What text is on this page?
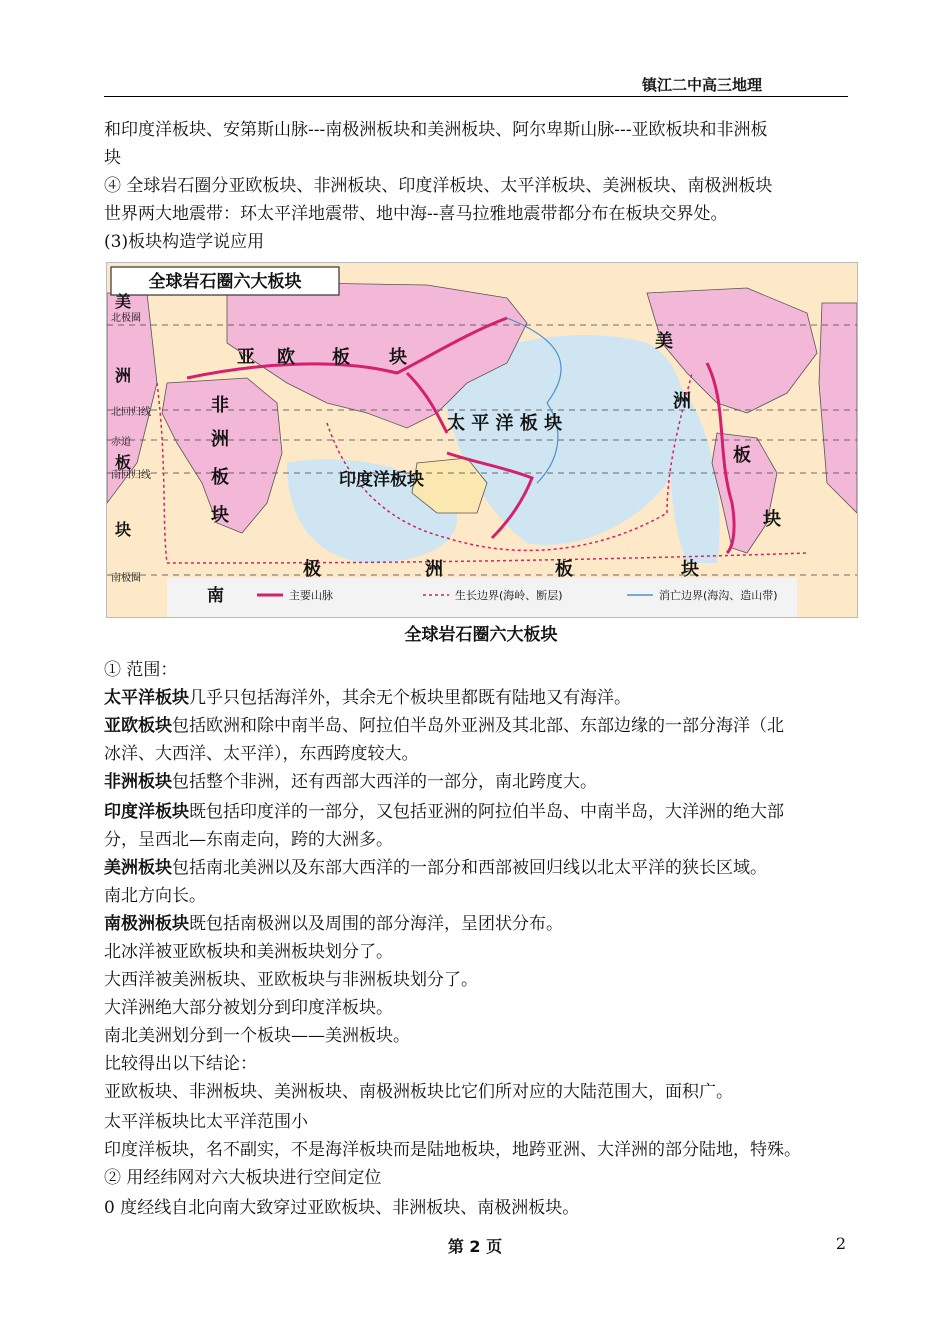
镇江二中高三地理
和印度洋板块、安第斯山脉---南极洲板块和美洲板块、阿尔卑斯山脉---亚欧板块和非洲板
块
④ 全球岩石圈分亚欧板块、非洲板块、印度洋板块、太平洋板块、美洲板块、南极洲板块
世界两大地震带：环太平洋地震带、地中海--喜马拉雅地震带都分布在板块交界处。
(3)板块构造学说应用
全球岩石圈六大板块
亚 欧 板 块
非
洲
板
块
太 平 洋 板 块
印度洋板块
美
洲
板
块
极	洲	板	块
美
洲
板
块
南
北极圈
北回归线
赤道
南回归线
南极圈
主要山脉	生长边界(海岭、断层)	消亡边界(海沟、造山带)
全球岩石圈六大板块
① 范围：
太平洋板块几乎只包括海洋外，其余无个板块里都既有陆地又有海洋。
亚欧板块包括欧洲和除中南半岛、阿拉伯半岛外亚洲及其北部、东部边缘的一部分海洋（北
冰洋、大西洋、太平洋），东西跨度较大。
非洲板块包括整个非洲，还有西部大西洋的一部分，南北跨度大。
印度洋板块既包括印度洋的一部分，又包括亚洲的阿拉伯半岛、中南半岛，大洋洲的绝大部
分，呈西北—东南走向，跨的大洲多。
美洲板块包括南北美洲以及东部大西洋的一部分和西部被回归线以北太平洋的狭长区域。
南北方向长。
南极洲板块既包括南极洲以及周围的部分海洋，呈团状分布。
北冰洋被亚欧板块和美洲板块划分了。
大西洋被美洲板块、亚欧板块与非洲板块划分了。
大洋洲绝大部分被划分到印度洋板块。
南北美洲划分到一个板块——美洲板块。
比较得出以下结论：
亚欧板块、非洲板块、美洲板块、南极洲板块比它们所对应的大陆范围大，面积广。
太平洋板块比太平洋范围小
印度洋板块，名不副实，不是海洋板块而是陆地板块，地跨亚洲、大洋洲的部分陆地，特殊。
② 用经纬网对六大板块进行空间定位
0 度经线自北向南大致穿过亚欧板块、非洲板块、南极洲板块。
第 2 页	2
